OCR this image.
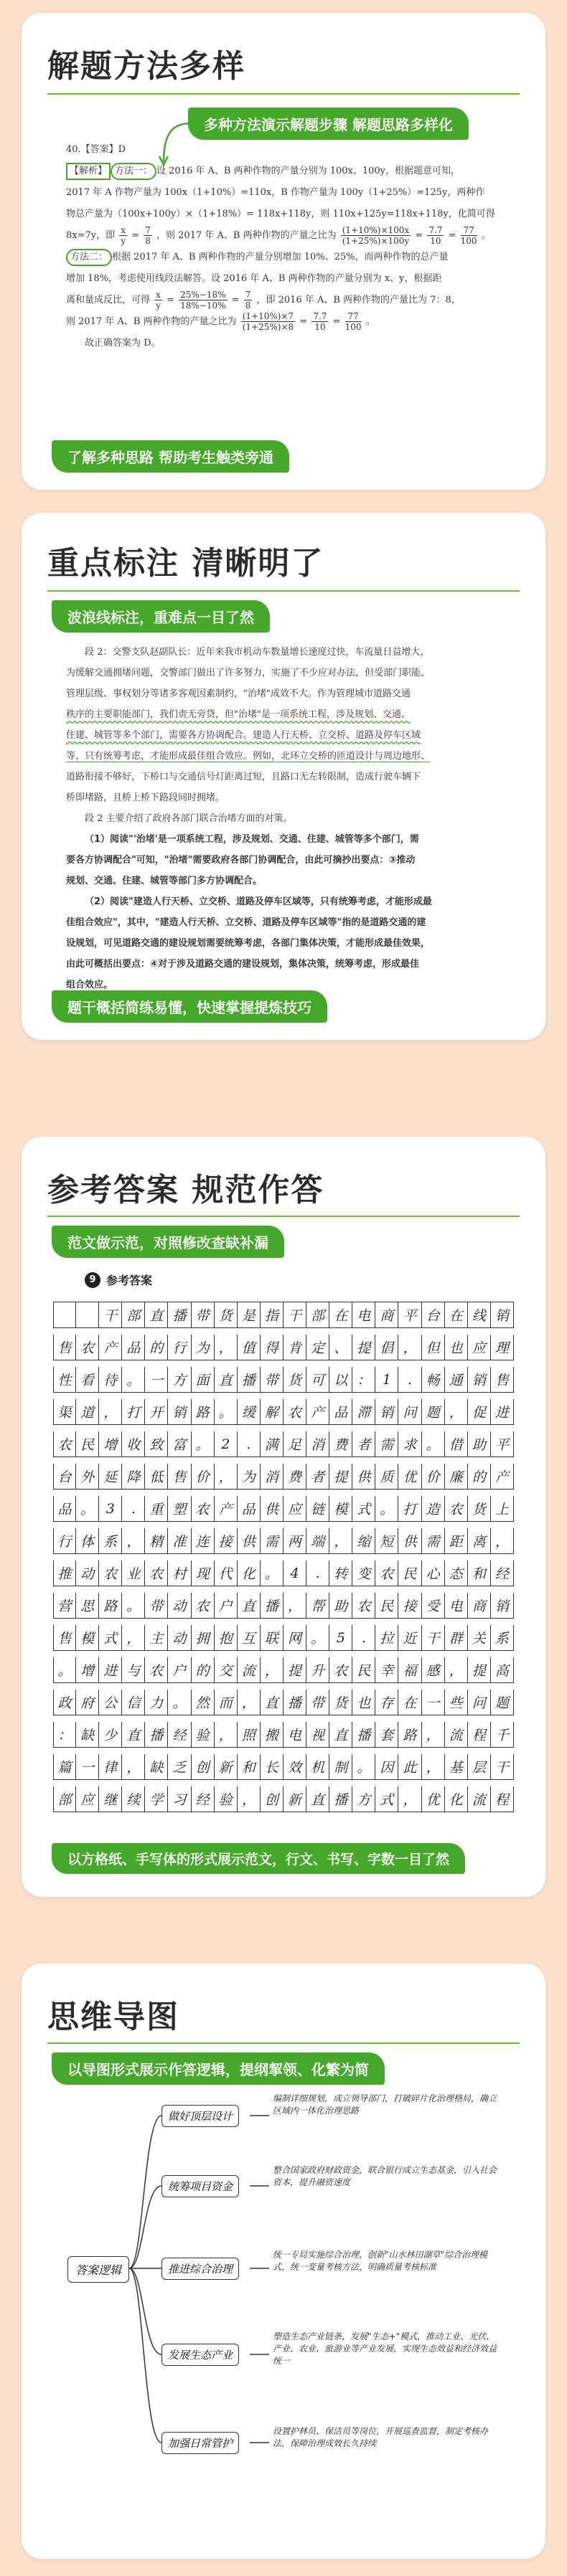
解题方法多样
多种方法演示解题步骤 解题思路多样化

40.【答案】D

【解析】 方法一： 设 2016 年 A、B 两种作物的产量分别为 100x、100y，根据题意可知，

2017 年 A 作物产量为 100x（1+10%）=110x，B 作物产量为 100y（1+25%）=125y，两种作

物总产量为（100x+100y）×（1+18%）= 118x+118y，则 110x+125y=118x+118y，化简可得

8x=7y，即 $\frac{x}{y} = \frac{7}{8}$ ，则 2017 年 A、B 两种作物的产量之比为 $\frac{(1+10\%)\times 100x}{(1+25\%)\times 100y} = \frac{7.7}{10} = \frac{77}{100}$ 。

方法二： 根据 2017 年 A、B 两种作物的产量分别增加 10%、25%，而两种作物的总产量

增加 18%，考虑使用线段法解答。设 2016 年 A、B 两种作物的产量分别为 x、y，根据距

离和量成反比，可得 $\frac{x}{y} = \frac{25\%-18\%}{18\%-10\%} = \frac{7}{8}$ ，即 2016 年 A、B 两种作物的产量比为 7：8，

则 2017 年 A、B 两种作物的产量之比为 $\frac{(1+10\%)\times 7}{(1+25\%)\times 8} = \frac{7.7}{10} = \frac{77}{100}$ 。

故正确答案为 D。

了解多种思路 帮助考生触类旁通
重点标注 清晰明了
波浪线标注，重难点一目了然

段 2：交警支队赵副队长：近年来我市机动车数量增长速度过快，车流量日益增大，

为缓解交通拥堵问题，交警部门做出了许多努力，实施了不少应对办法，但受部门职能、

管理层级、事权划分等诸多客观因素制约，"治堵"成效不大。作为管理城市道路交通

秩序的主要职能部门，我们责无旁贷，但"治堵"是一项系统工程，涉及规划、交通、

住建、城管等多个部门，需要各方协调配合。建造人行天桥、立交桥、道路及停车区域

等，只有统筹考虑，才能形成最佳组合效应。例如，北环立交桥的匝道设计与周边地形、

道路衔接不够好，下桥口与交通信号灯距离过短，且路口无左转限制，造成行驶车辆下

桥即堵路，且桥上桥下路段同时拥堵。

段 2 主要介绍了政府各部门联合治堵方面的对策。

（1）阅读"'治堵'是一项系统工程，涉及规划、交通、住建、城管等多个部门，需

要各方协调配合"可知，"治堵"需要政府各部门协调配合，由此可摘抄出要点：③推动

规划、交通、住建、城管等部门多方协调配合。

（2）阅读"建造人行天桥、立交桥、道路及停车区域等，只有统筹考虑，才能形成最

佳组合效应"，其中，"建造人行天桥、立交桥、道路及停车区域等"指的是道路交通的建

设规划，可见道路交通的建设规划需要统筹考虑，各部门集体决策，才能形成最佳效果，

由此可概括出要点：④对于涉及道路交通的建设规划，集体决策，统筹考虑，形成最佳

组合效应。

题干概括简练易懂，快速掌握提炼技巧
参考答案 规范作答
范文做示范，对照修改查缺补漏
9 参考答案
干 部 直 播 带 货 是 指 干 部 在 电 商 平 台 在 线 销
售 农 产 品 的 行 为 ， 值 得 肯 定 、 提 倡 ， 但 也 应 理
性 看 待 。 一 方 面 直 播 带 货 可 以 ： 1	.	畅 通 销 售
渠 道 ， 打 开 销 路 。 缓 解 农 产 品 滞 销 问 题 ， 促 进
农 民 增 收 致 富 。 2	.	满 足 消 费 者 需 求 。 借 助 平
台 外 延 降 低 售 价 ， 为 消 费 者 提 供 质 优 价 廉 的 产
品 。 3	.	重 塑 农 产 品 供 应 链 模 式 。 打 造 农 货 上
行 体 系 ， 精 准 连 接 供 需 两 端 ， 缩 短 供 需 距 离 ，
推 动 农 业 农 村 现 代 化 。 4	.	转 变 农 民 心 态 和 经
营 思 路 。 带 动 农 户 直 播 ， 帮 助 农 民 接 受 电 商 销
售 模 式 ， 主 动 拥 抱 互 联 网 。 5	.	拉 近 干 群 关 系
。 增 进 与 农 户 的 交 流 ， 提 升 农 民 幸 福 感 ， 提 高
政 府 公 信 力 。 然 而 ， 直 播 带 货 也 存 在 一 些 问 题
： 缺 少 直 播 经 验 ， 照 搬 电 视 直 播 套 路 ， 流 程 千
篇 一 律 ， 缺 乏 创 新 和 长 效 机 制 。 因 此 ， 基 层 干
部 应 继 续 学 习 经 验 ， 创 新 直 播 方 式 ， 优 化 流 程
以方格纸、手写体的形式展示范文，行文、书写、字数一目了然
思维导图
以导图形式展示作答逻辑，提纲挈领、化繁为简
答案逻辑
做好顶层设计
统筹项目资金
推进综合治理
发展生态产业
加强日常管护
编制详细规划，成立领导部门，打破碎片化治理格局，确立区域内一体化治理思路
整合国家政府财政资金，联合银行成立生态基金，引入社会资本，提升融资速度
统一专局实施综合治理，创新"山水林田湖草"综合治理模式，统一变量考核方法，明确质量考核标准
塑造生态产业链条，发展"生态+"模式，推动工业、光伏、产业、农业、旅游业等产业发展，实现生态效益和经济效益统一
设置护林员、保洁员等岗位，开展巡查监督，制定考核办法，保障治理成效长久持续
